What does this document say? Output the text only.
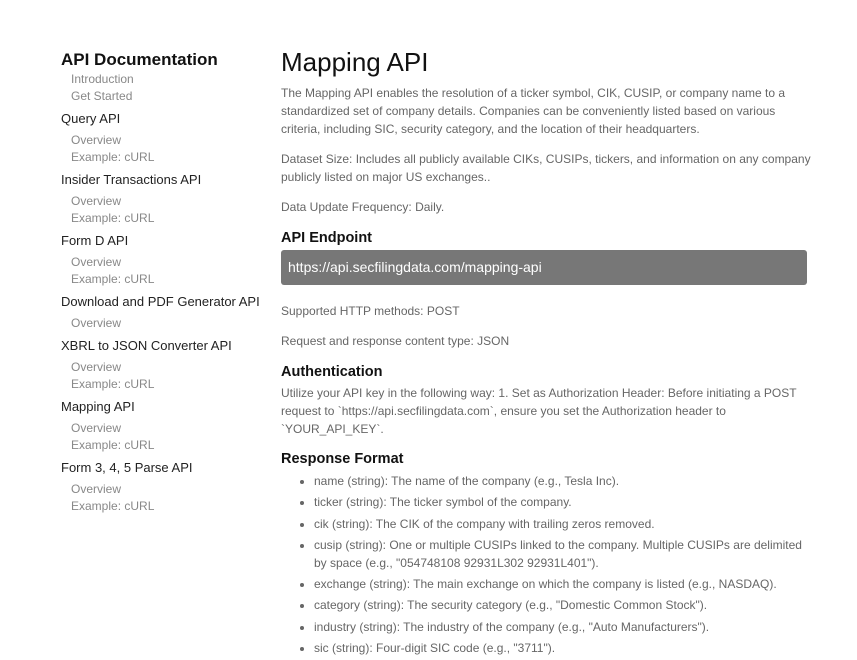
API Documentation
Introduction
Get Started
Query API
Overview
Example: cURL
Insider Transactions API
Overview
Example: cURL
Form D API
Overview
Example: cURL
Download and PDF Generator API
Overview
XBRL to JSON Converter API
Overview
Example: cURL
Mapping API
Overview
Example: cURL
Form 3, 4, 5 Parse API
Overview
Example: cURL
Mapping API

The Mapping API enables the resolution of a ticker symbol, CIK, CUSIP, or company name to a standardized set of company details. Companies can be conveniently listed based on various criteria, including SIC, security category, and the location of their headquarters.

Dataset Size: Includes all publicly available CIKs, CUSIPs, tickers, and information on any company publicly listed on major US exchanges..

Data Update Frequency: Daily.

API Endpoint
https://api.secfilingdata.com/mapping-api

Supported HTTP methods: POST

Request and response content type: JSON

Authentication

Utilize your API key in the following way: 1. Set as Authorization Header: Before initiating a POST request to `https://api.secfilingdata.com`, ensure you set the Authorization header to `YOUR_API_KEY`.

Response Format
• name (string): The name of the company (e.g., Tesla Inc).
• ticker (string): The ticker symbol of the company.
• cik (string): The CIK of the company with trailing zeros removed.
• cusip (string): One or multiple CUSIPs linked to the company. Multiple CUSIPs are delimited by space (e.g., "054748108 92931L302 92931L401").
• exchange (string): The main exchange on which the company is listed (e.g., NASDAQ).
• category (string): The security category (e.g., "Domestic Common Stock").
• industry (string): The industry of the company (e.g., "Auto Manufacturers").
• sic (string): Four-digit SIC code (e.g., "3711").
